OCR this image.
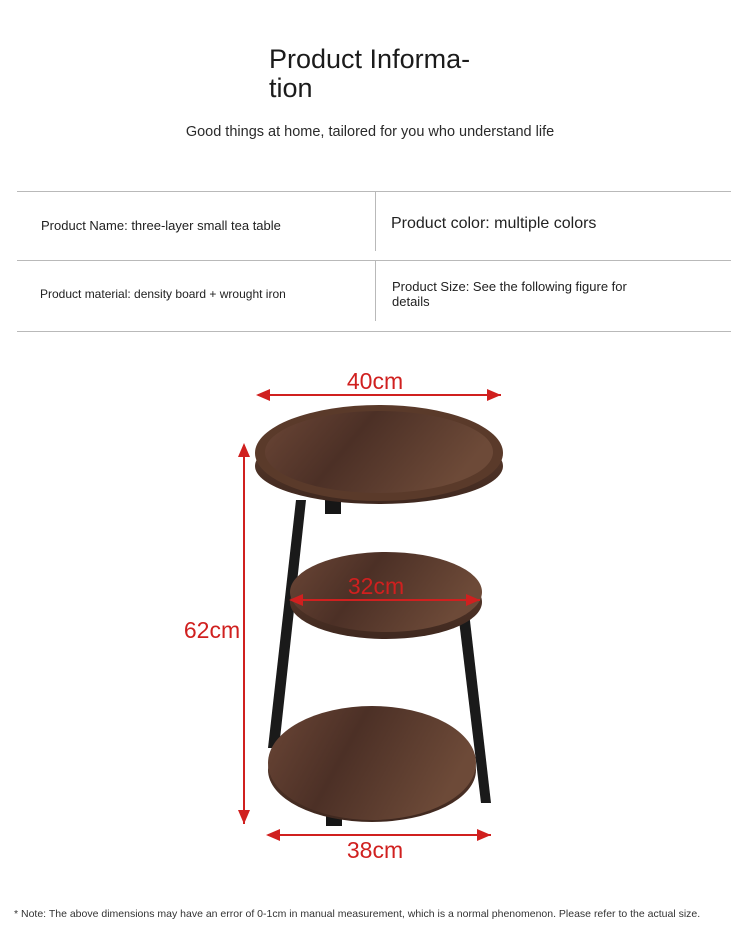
Product Informa-
tion
Good things at home, tailored for you who understand life
Product Name: three-layer small tea table	Product color: multiple colors
Product material: density board + wrought iron	Product Size: See the following figure for details
40cm
32cm
62cm
38cm
* Note: The above dimensions may have an error of 0-1cm in manual measurement, which is a normal phenomenon. Please refer to the actual size.
